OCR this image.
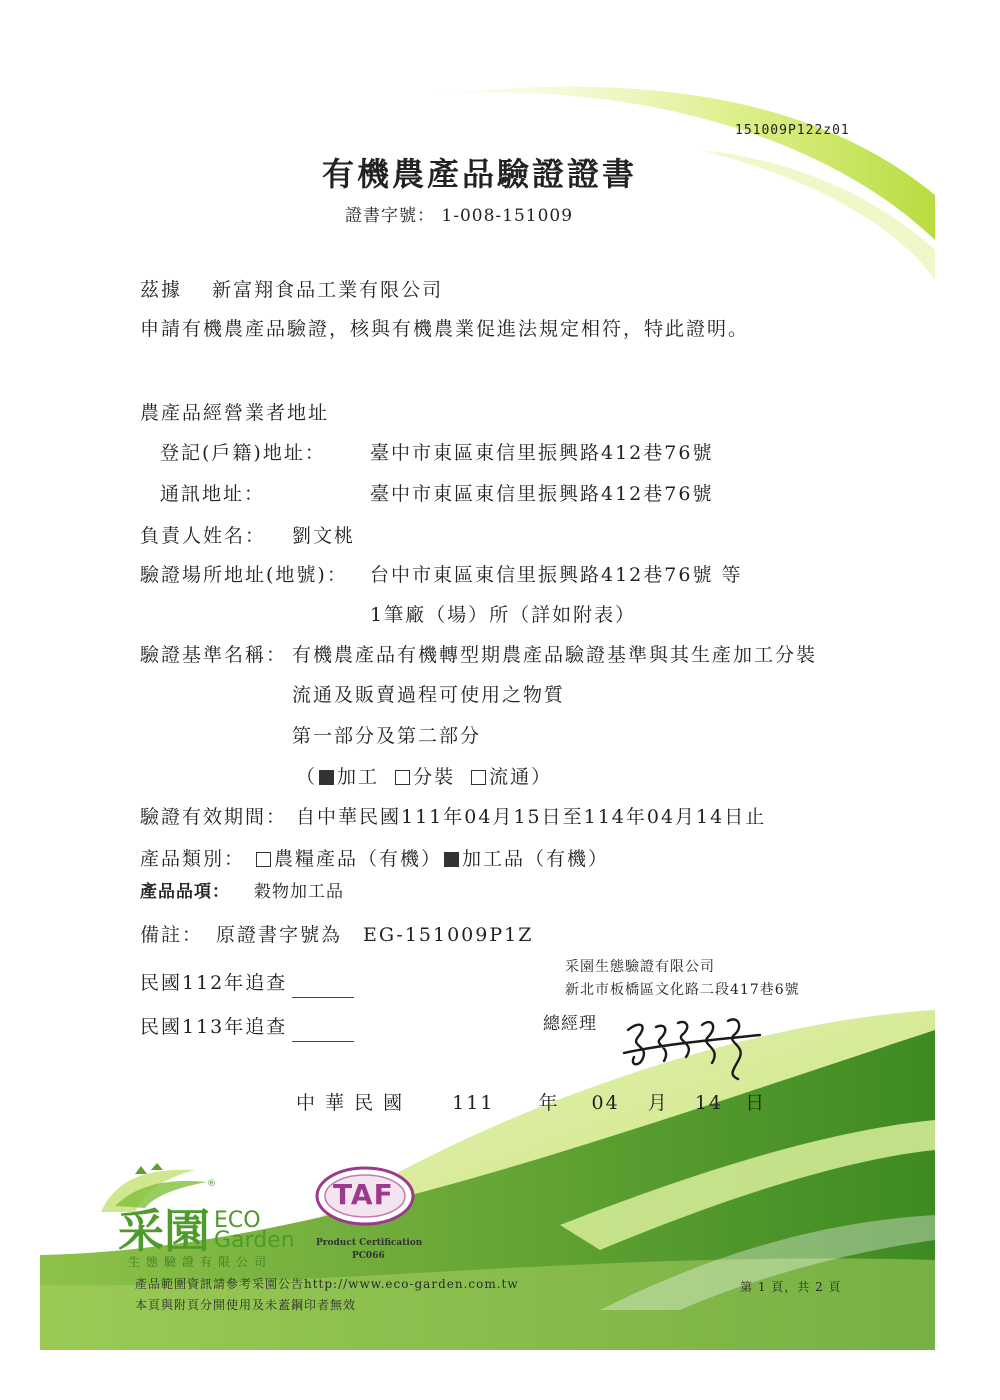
151009P122z01
有機農產品驗證證書
證書字號： 1-008-151009
茲據 新富翔食品工業有限公司
申請有機農產品驗證，核與有機農業促進法規定相符，特此證明。
農產品經營業者地址
登記(戶籍)地址： 臺中市東區東信里振興路412巷76號
通訊地址：	臺中市東區東信里振興路412巷76號
負責人姓名： 劉文桃
驗證場所地址(地號)： 台中市東區東信里振興路412巷76號 等
1筆廠（場）所（詳如附表）
驗證基準名稱： 有機農產品有機轉型期農產品驗證基準與其生產加工分裝
流通及販賣過程可使用之物質
第一部分及第二部分
（ 加工 分裝 流通）
驗證有效期間： 自中華民國111年04月15日至114年04月14日止
產品類別：	農糧產品（有機） 加工品（有機）
產品品項： 穀物加工品
備註： 原證書字號為　EG-151009P1Z
民國112年追查
民國113年追查
采園生態驗證有限公司
新北市板橋區文化路二段417巷6號
總經理
中 華 民 國	111 年 04 月 14 日
采園 ECO
Garden
®
生態驗證有限公司
TAF
Product Certification
PC066
產品範圍資訊請參考采園公告http://www.eco-garden.com.tw
本頁與附頁分開使用及未蓋鋼印者無效
第 1 頁，共 2 頁
